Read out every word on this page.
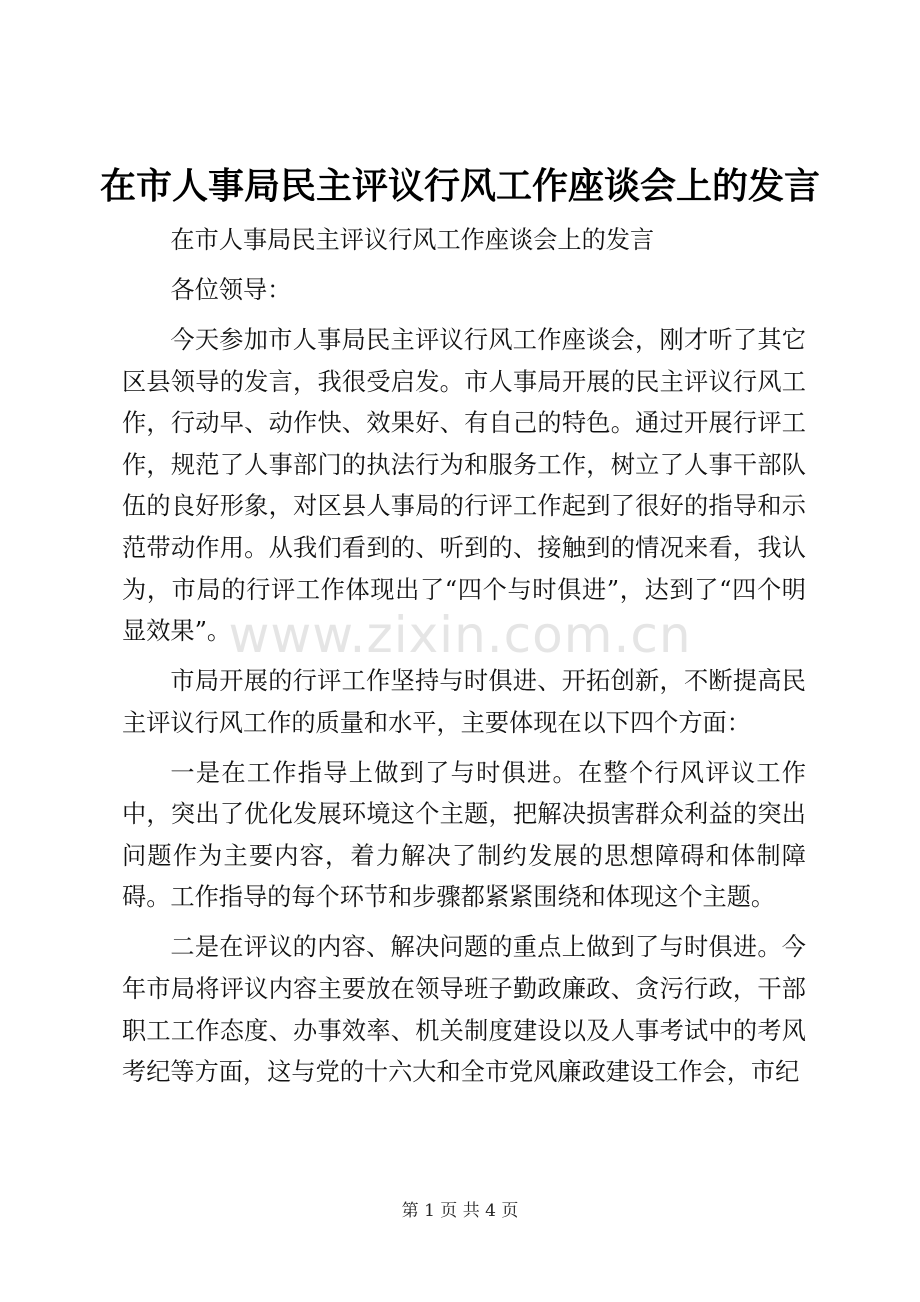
在市人事局民主评议行风工作座谈会上的发言

在市人事局民主评议行风工作座谈会上的发言

各位领导：

今天参加市人事局民主评议行风工作座谈会，刚才听了其它区县领导的发言，我很受启发。市人事局开展的民主评议行风工作，行动早、动作快、效果好、有自己的特色。通过开展行评工作，规范了人事部门的执法行为和服务工作，树立了人事干部队伍的良好形象，对区县人事局的行评工作起到了很好的指导和示范带动作用。从我们看到的、听到的、接触到的情况来看，我认为，市局的行评工作体现出了“四个与时俱进”，达到了“四个明显效果”。

市局开展的行评工作坚持与时俱进、开拓创新，不断提高民主评议行风工作的质量和水平，主要体现在以下四个方面：

一是在工作指导上做到了与时俱进。在整个行风评议工作中，突出了优化发展环境这个主题，把解决损害群众利益的突出问题作为主要内容，着力解决了制约发展的思想障碍和体制障碍。工作指导的每个环节和步骤都紧紧围绕和体现这个主题。

二是在评议的内容、解决问题的重点上做到了与时俱进。今年市局将评议内容主要放在领导班子勤政廉政、贪污行政，干部职工工作态度、办事效率、机关制度建设以及人事考试中的考风考纪等方面，这与党的十六大和全市党风廉政建设工作会，市纪

www.zixin.com.cn
第 1 页 共 4 页
